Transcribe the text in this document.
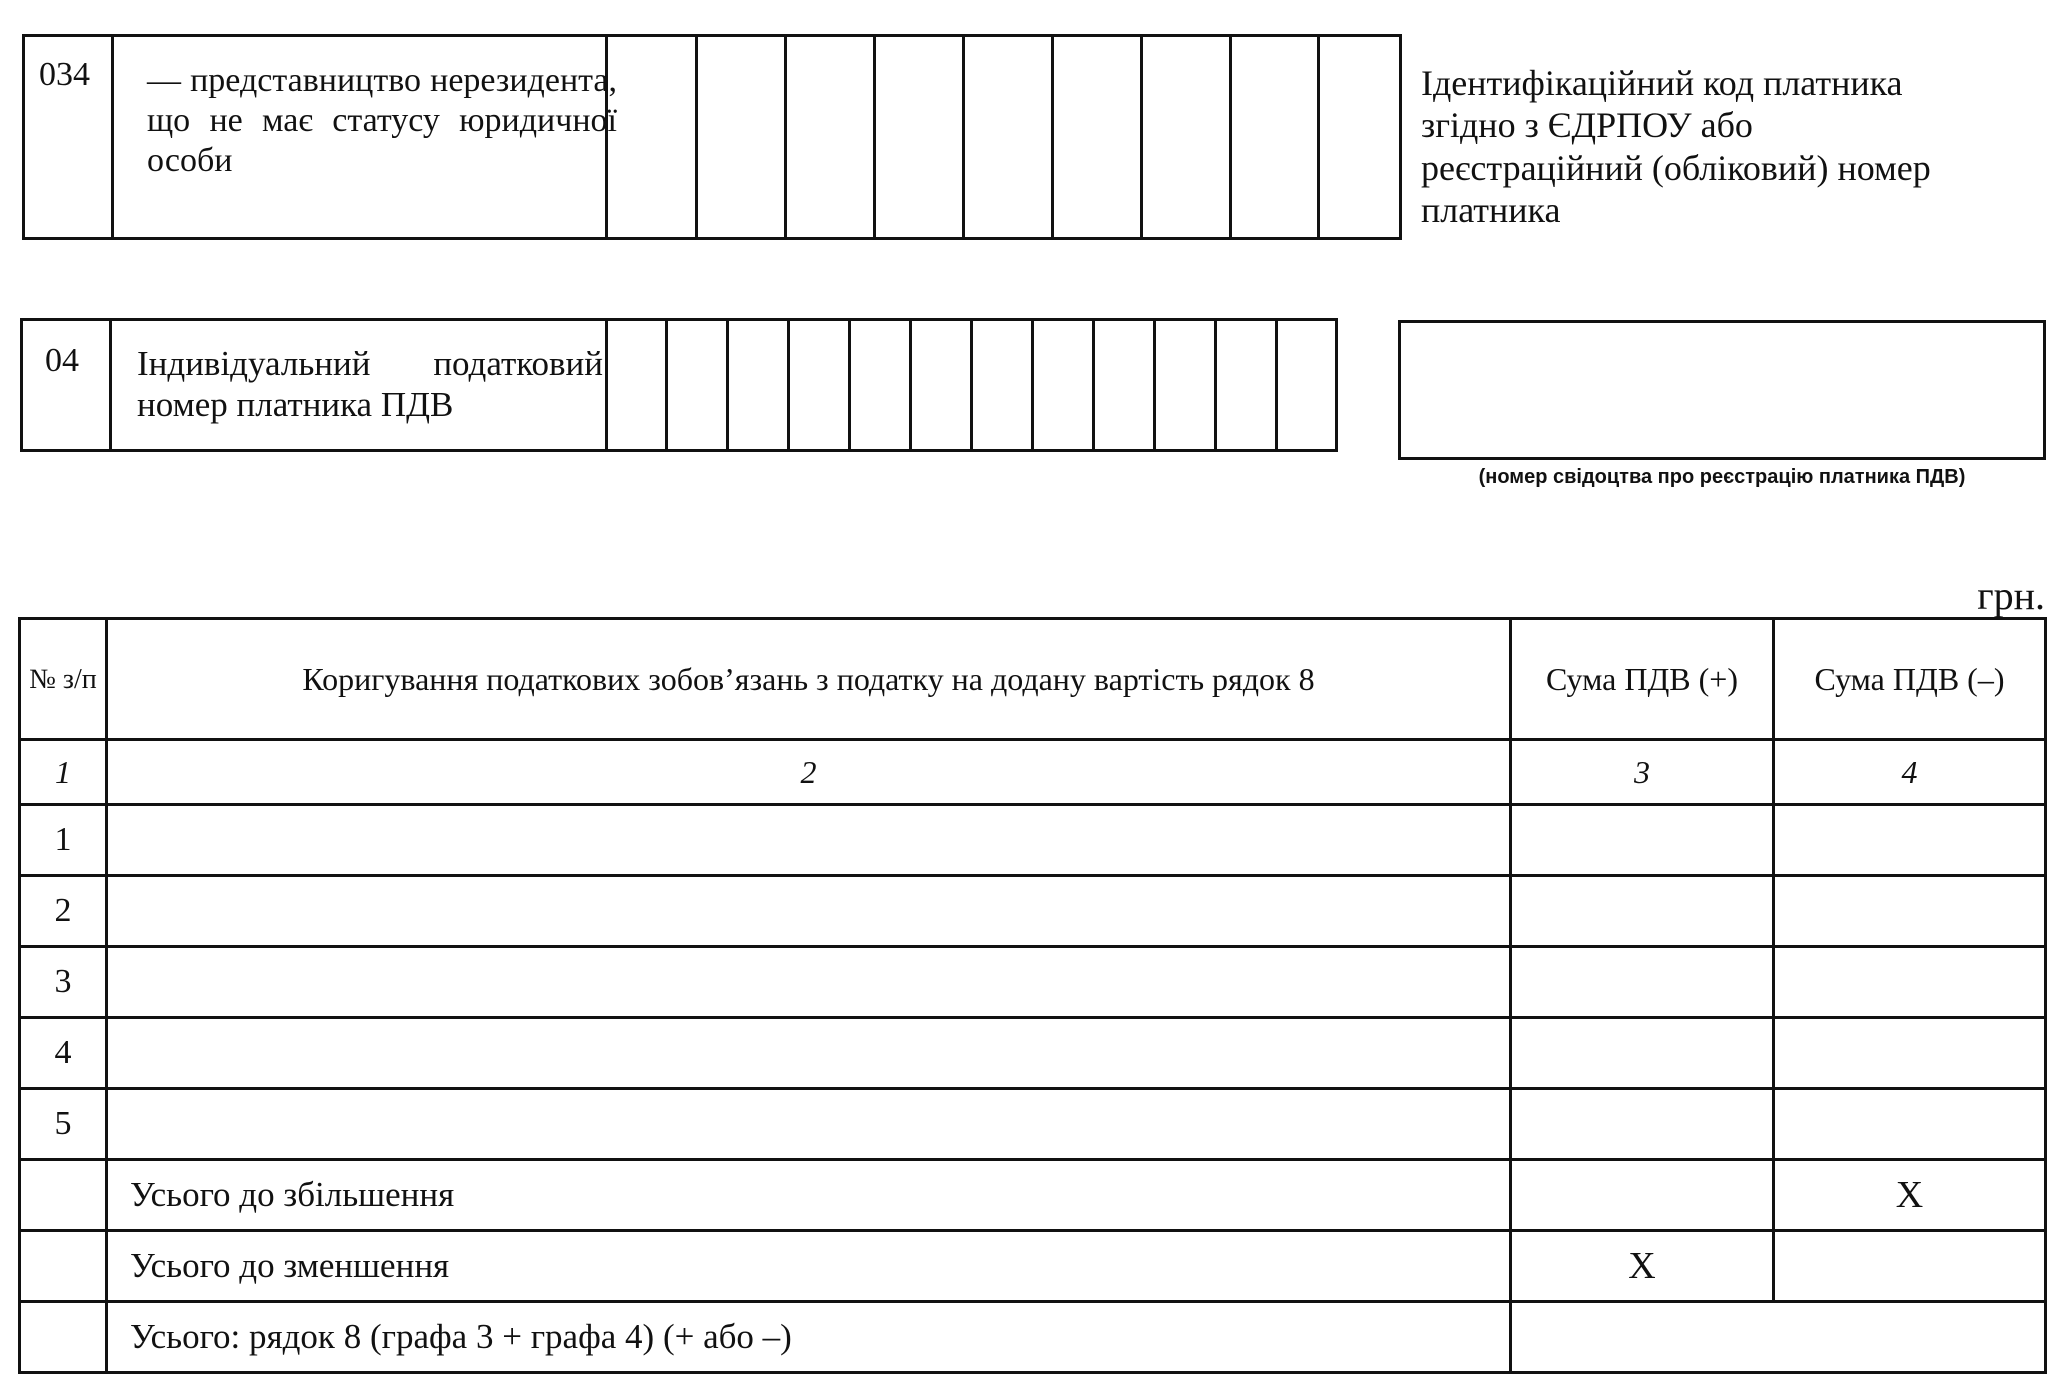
034 — представництво нерезидента, що не має статусу юридичної особи
Ідентифікаційний код платника згідно з ЄДРПОУ або реєстраційний (обліковий) номер платника
04 Індивідуальний податковий номер платника ПДВ
(номер свідоцтва про реєстрацію платника ПДВ)
грн.
№ з/п	Коригування податкових зобов’язань з податку на додану вартість рядок 8	Сума ПДВ (+)	Сума ПДВ (–)
1	2	3	4
1			
2			
3			
4			
5			
	Усього до збільшення		X
	Усього до зменшення	X	
	Усього: рядок 8 (графа 3 + графа 4) (+ або –)		
